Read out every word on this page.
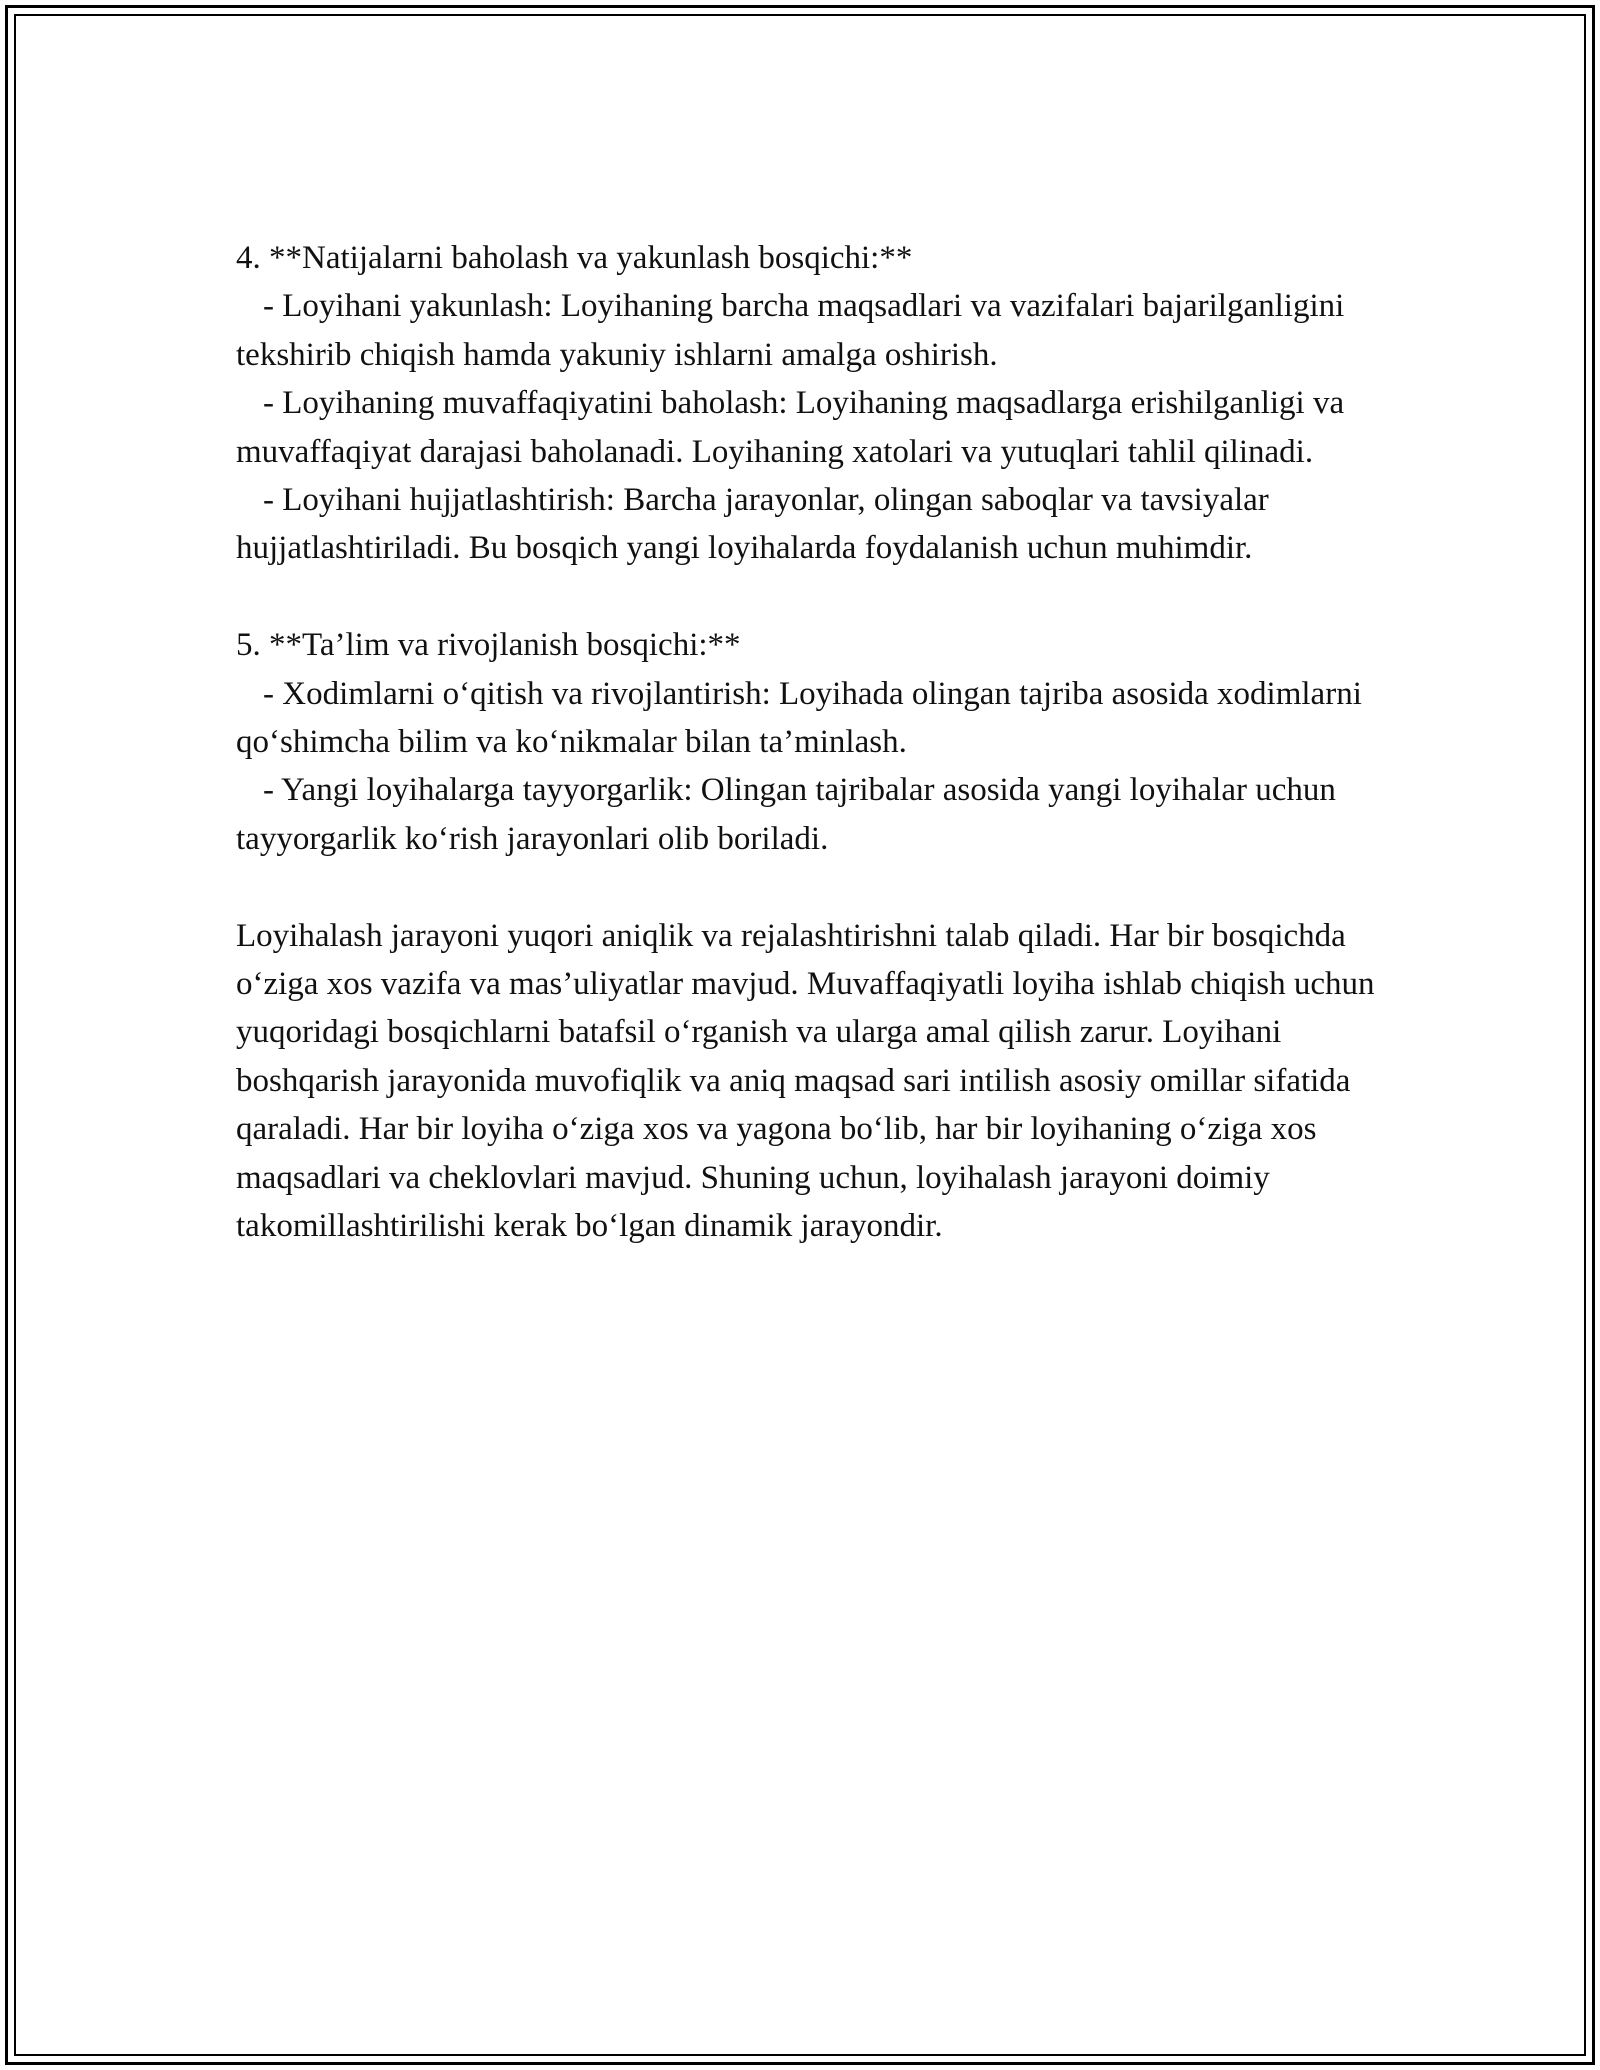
4. **Natijalarni baholash va yakunlash bosqichi:**

- Loyihani yakunlash: Loyihaning barcha maqsadlari va vazifalari bajarilganligini tekshirib chiqish hamda yakuniy ishlarni amalga oshirish.

- Loyihaning muvaffaqiyatini baholash: Loyihaning maqsadlarga erishilganligi va muvaffaqiyat darajasi baholanadi. Loyihaning xatolari va yutuqlari tahlil qilinadi.

- Loyihani hujjatlashtirish: Barcha jarayonlar, olingan saboqlar va tavsiyalar hujjatlashtiriladi. Bu bosqich yangi loyihalarda foydalanish uchun muhimdir.

5. **Ta’lim va rivojlanish bosqichi:**

- Xodimlarni o‘qitish va rivojlantirish: Loyihada olingan tajriba asosida xodimlarni qo‘shimcha bilim va ko‘nikmalar bilan ta’minlash.

- Yangi loyihalarga tayyorgarlik: Olingan tajribalar asosida yangi loyihalar uchun tayyorgarlik ko‘rish jarayonlari olib boriladi.

Loyihalash jarayoni yuqori aniqlik va rejalashtirishni talab qiladi. Har bir bosqichda o‘ziga xos vazifa va mas’uliyatlar mavjud. Muvaffaqiyatli loyiha ishlab chiqish uchun yuqoridagi bosqichlarni batafsil o‘rganish va ularga amal qilish zarur. Loyihani boshqarish jarayonida muvofiqlik va aniq maqsad sari intilish asosiy omillar sifatida qaraladi. Har bir loyiha o‘ziga xos va yagona bo‘lib, har bir loyihaning o‘ziga xos maqsadlari va cheklovlari mavjud. Shuning uchun, loyihalash jarayoni doimiy takomillashtirilishi kerak bo‘lgan dinamik jarayondir.
